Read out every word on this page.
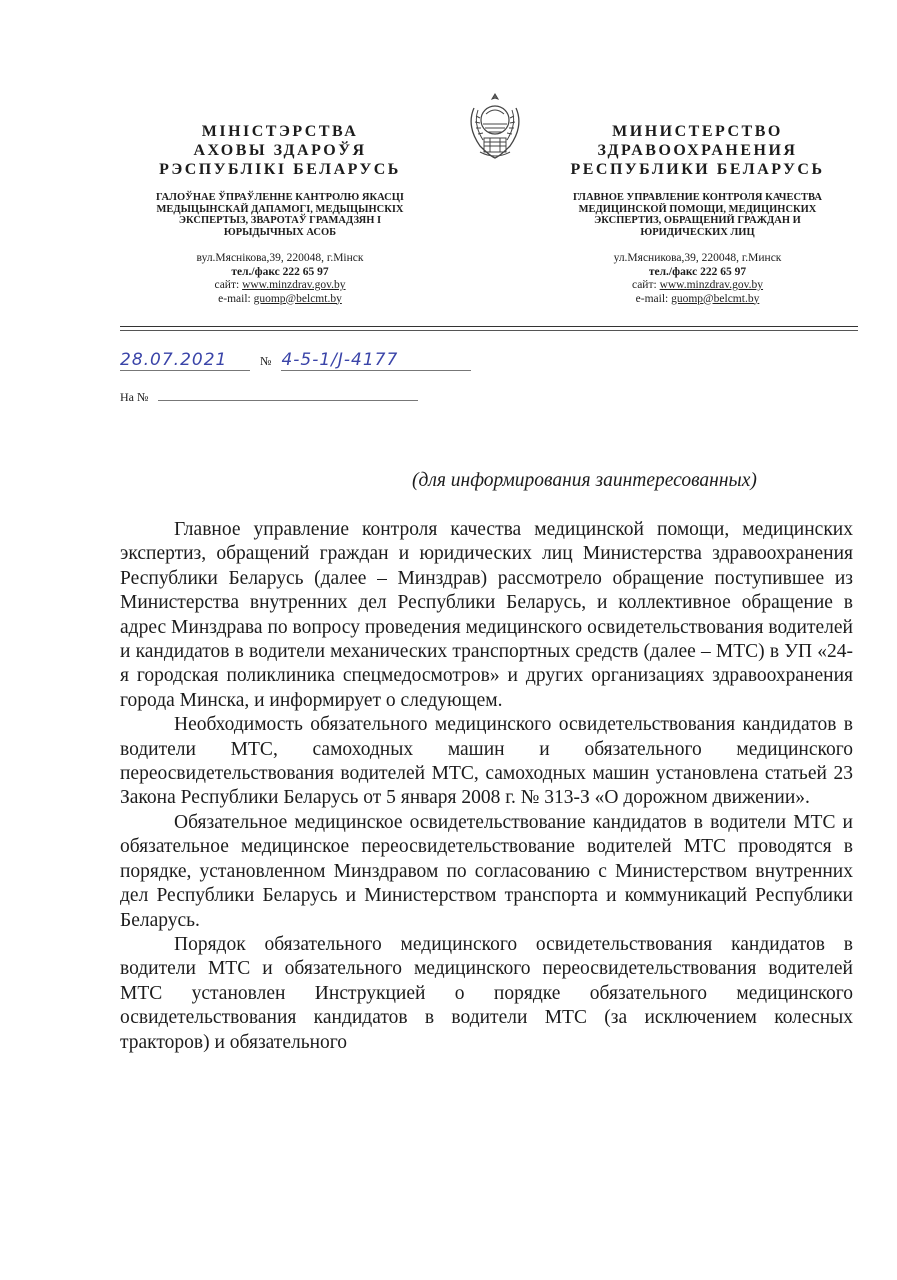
МІНІСТЭРСТВА
АХОВЫ ЗДАРОЎЯ
РЭСПУБЛІКІ БЕЛАРУСЬ
ГАЛОЎНАЕ ЎПРАЎЛЕННЕ КАНТРОЛЮ ЯКАСЦІ
МЕДЫЦЫНСКАЙ ДАПАМОГІ, МЕДЫЦЫНСКІХ
ЭКСПЕРТЫЗ, ЗВАРОТАЎ ГРАМАДЗЯН І
ЮРЫДЫЧНЫХ АСОБ
вул.Мяснікова,39, 220048, г.Мінск
тел./факс 222 65 97
сайт: www.minzdrav.gov.by
e-mail: guomp@belcmt.by
МИНИСТЕРСТВО
ЗДРАВООХРАНЕНИЯ
РЕСПУБЛИКИ БЕЛАРУСЬ
ГЛАВНОЕ УПРАВЛЕНИЕ КОНТРОЛЯ КАЧЕСТВА
МЕДИЦИНСКОЙ ПОМОЩИ, МЕДИЦИНСКИХ
ЭКСПЕРТИЗ, ОБРАЩЕНИЙ ГРАЖДАН И
ЮРИДИЧЕСКИХ ЛИЦ
ул.Мясникова,39, 220048, г.Минск
тел./факс 222 65 97
сайт: www.minzdrav.gov.by
e-mail: guomp@belcmt.by
28.07.2021	№ 4-5-1/J-4177
На №
(для информирования заинтересованных)

Главное управление контроля качества медицинской помощи, медицинских экспертиз, обращений граждан и юридических лиц Министерства здравоохранения Республики Беларусь (далее – Минздрав) рассмотрело обращение поступившее из Министерства внутренних дел Республики Беларусь, и коллективное обращение в адрес Минздрава по вопросу проведения медицинского освидетельствования водителей и кандидатов в водители механических транспортных средств (далее – МТС) в УП «24-я городская поликлиника спецмедосмотров» и других организациях здравоохранения города Минска, и информирует о следующем.

Необходимость обязательного медицинского освидетельствования кандидатов в водители МТС, самоходных машин и обязательного медицинского переосвидетельствования водителей МТС, самоходных машин установлена статьей 23 Закона Республики Беларусь от 5 января 2008 г. № 313-З «О дорожном движении».

Обязательное медицинское освидетельствование кандидатов в водители МТС и обязательное медицинское переосвидетельствование водителей МТС проводятся в порядке, установленном Минздравом по согласованию с Министерством внутренних дел Республики Беларусь и Министерством транспорта и коммуникаций Республики Беларусь.

Порядок обязательного медицинского освидетельствования кандидатов в водители МТС и обязательного медицинского переосвидетельствования водителей МТС установлен Инструкцией о порядке обязательного медицинского освидетельствования кандидатов в водители МТС (за исключением колесных тракторов) и обязательного
